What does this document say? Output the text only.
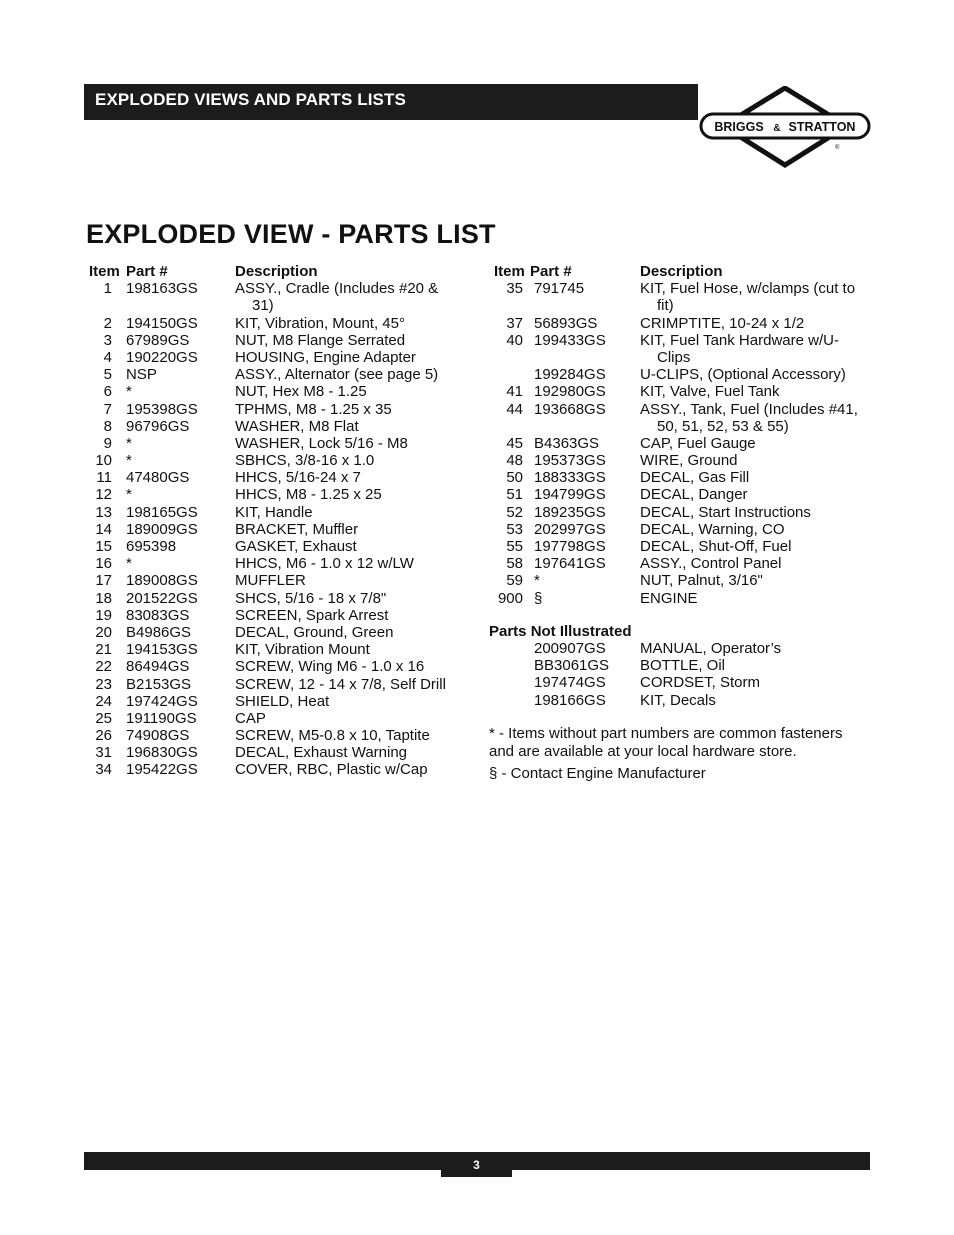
EXPLODED VIEWS AND PARTS LISTS
BRIGGS & STRATTON
®
EXPLODED VIEW - PARTS LIST
Item Part #	Description
1 198163GS ASSY., Cradle (Includes #20 &
31)
2 194150GS KIT, Vibration, Mount, 45°
3 67989GS	NUT, M8 Flange Serrated
4 190220GS HOUSING, Engine Adapter
5 NSP	ASSY., Alternator (see page 5)
6 *	NUT, Hex M8 - 1.25
7 195398GS TPHMS, M8 - 1.25 x 35
8 96796GS	WASHER, M8 Flat
9 *	WASHER, Lock 5/16 - M8
10 *	SBHCS, 3/8-16 x 1.0
11 47480GS	HHCS, 5/16-24 x 7
12 *	HHCS, M8 - 1.25 x 25
13 198165GS KIT, Handle
14 189009GS BRACKET, Muffler
15 695398	GASKET, Exhaust
16 *	HHCS, M6 - 1.0 x 12 w/LW
17 189008GS MUFFLER
18 201522GS SHCS, 5/16 - 18 x 7/8"
19 83083GS	SCREEN, Spark Arrest
20 B4986GS	DECAL, Ground, Green
21 194153GS KIT, Vibration Mount
22 86494GS	SCREW, Wing M6 - 1.0 x 16
23 B2153GS	SCREW, 12 - 14 x 7/8, Self Drill
24 197424GS SHIELD, Heat
25 191190GS	CAP
26 74908GS	SCREW, M5-0.8 x 10, Taptite
31 196830GS DECAL, Exhaust Warning
34 195422GS COVER, RBC, Plastic w/Cap
Item Part #	Description
35 791745	KIT, Fuel Hose, w/clamps (cut to
fit)
37 56893GS	CRIMPTITE, 10-24 x 1/2
40 199433GS KIT, Fuel Tank Hardware w/U-
Clips
199284GS U-CLIPS, (Optional Accessory)
41 192980GS KIT, Valve, Fuel Tank
44 193668GS ASSY., Tank, Fuel (Includes #41,
50, 51, 52, 53 & 55)
45 B4363GS	CAP, Fuel Gauge
48 195373GS WIRE, Ground
50 188333GS DECAL, Gas Fill
51 194799GS DECAL, Danger
52 189235GS DECAL, Start Instructions
53 202997GS DECAL, Warning, CO
55 197798GS DECAL, Shut-Off, Fuel
58 197641GS ASSY., Control Panel
59 *	NUT, Palnut, 3/16"
900 §	ENGINE
Parts Not Illustrated
200907GS MANUAL, Operator’s
BB3061GS BOTTLE, Oil
197474GS CORDSET, Storm
198166GS KIT, Decals
* - Items without part numbers are common fasteners and are available at your local hardware store.
§ - Contact Engine Manufacturer
3
